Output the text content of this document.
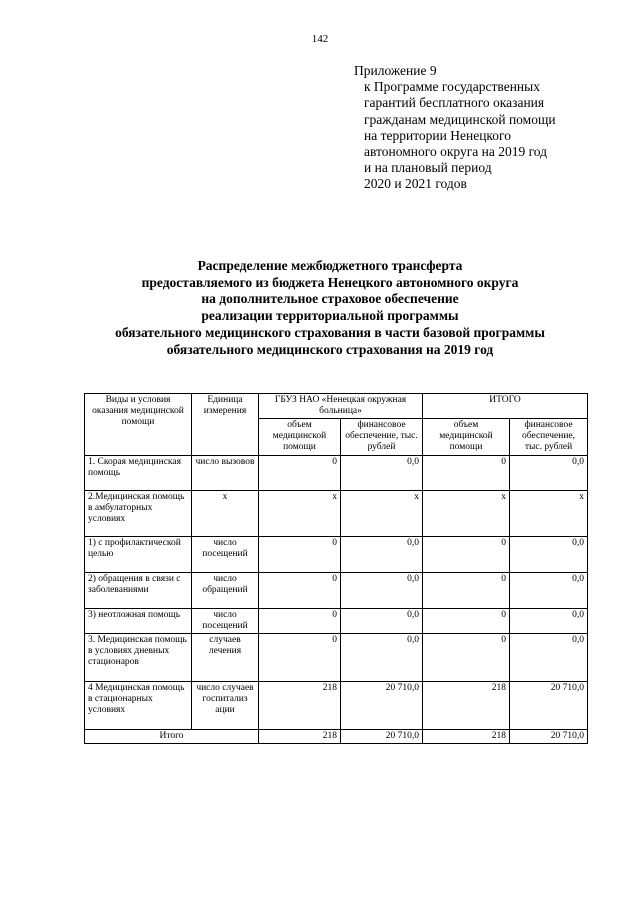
142
Приложение 9
к Программе государственных
гарантий бесплатного оказания
гражданам медицинской помощи
на территории Ненецкого
автономного округа на 2019 год
и на плановый период
2020 и 2021 годов
Распределение межбюджетного трансферта
предоставляемого из бюджета Ненецкого автономного округа
на дополнительное страховое обеспечение
реализации территориальной программы
обязательного медицинского страхования в части базовой программы
обязательного медицинского страхования на 2019 год
Виды и условия оказания медицинской помощи	Единица измерения	ГБУЗ НАО «Ненецкая окружная больница»		ИТОГО	
		объем медицинской помощи	финансовое обеспечение, тыс. рублей	объем медицинской помощи	финансовое обеспечение, тыс. рублей
1. Скорая медицинская помощь	число вызовов	0	0,0	0	0,0
2.Медицинская помощь в амбулаторных условиях	х	х	х	х	х
1) с профилактической целью	число посещений	0	0,0	0	0,0
2) обращения в связи с заболеваниями	число обращений	0	0,0	0	0,0
3) неотложная помощь	число посещений	0	0,0	0	0,0
3. Медицинская помощь в условиях дневных стационаров	случаев лечения	0	0,0	0	0,0
4 Медицинская помощь в стационарных условиях	число случаев госпитализ ации	218	20 710,0	218	20 710,0
Итого		218	20 710,0	218	20 710,0
